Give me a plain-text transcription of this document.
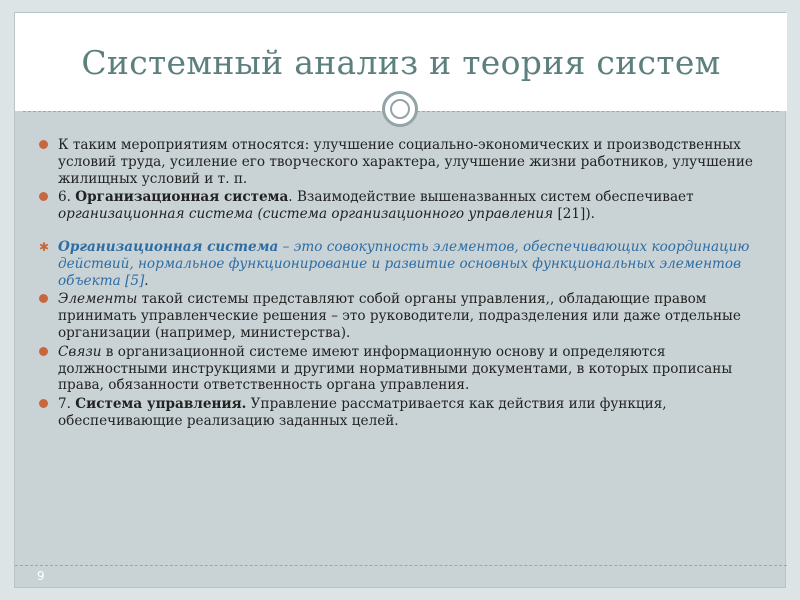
Системный анализ и теория систем
К таким мероприятиям относятся: улучшение социально-экономических и производственных условий труда, усиление его творческого характера, улучшение жизни работников, улучшение жилищных условий и т. п.
6. Организационная система. Взаимодействие вышеназванных систем обеспечивает организационная система (система организационного управления [21]).
✱ Организационная система – это совокупность элементов, обеспечивающих координацию действий, нормальное функционирование и развитие основных функциональных элементов объекта [5].
Элементы такой системы представляют собой органы управления,, обладающие правом принимать управленческие решения – это руководители, подразделения или даже отдельные организации (например, министерства).
Связи в организационной системе имеют информационную основу и определяются должностными инструкциями и другими нормативными документами, в которых прописаны права, обязанности ответственность органа управления.
7. Система управления. Управление рассматривается как действия или функция, обеспечивающие реализацию заданных целей.
9
